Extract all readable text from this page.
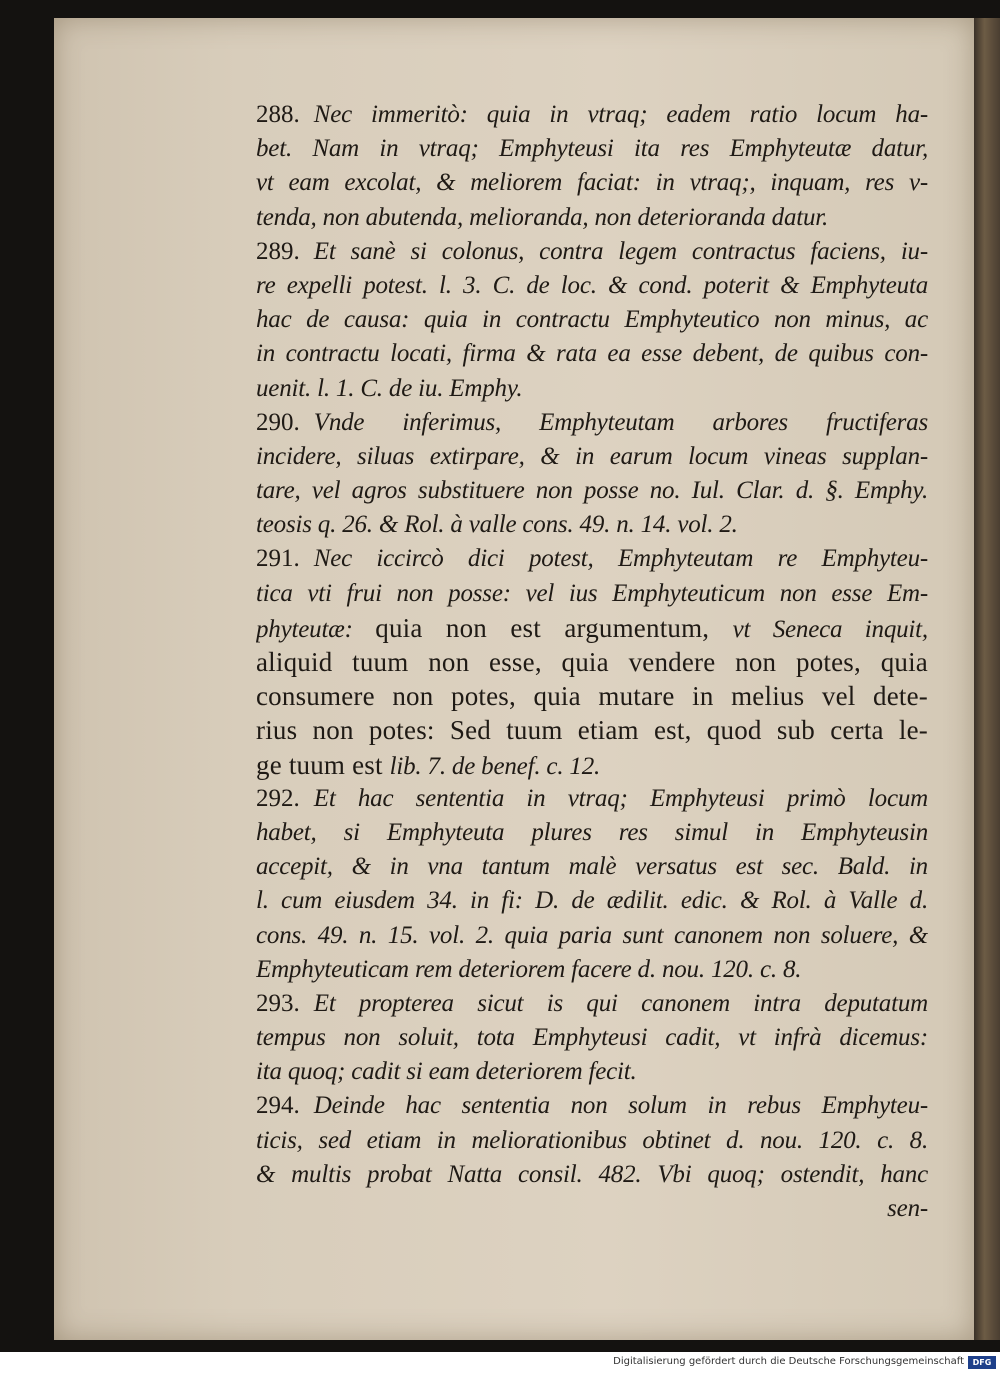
288. Nec immeritò: quia in vtraq; eadem ratio locum ha-
bet. Nam in vtraq; Emphyteusi ita res Emphyteutæ datur,
vt eam excolat, & meliorem faciat: in vtraq;, inquam, res v-
tenda, non abutenda, melioranda, non deterioranda datur.
289. Et sanè si colonus, contra legem contractus faciens, iu-
re expelli potest. l. 3. C. de loc. & cond. poterit & Emphyteuta
hac de causa: quia in contractu Emphyteutico non minus, ac
in contractu locati, firma & rata ea esse debent, de quibus con-
uenit. l. 1. C. de iu. Emphy.
290. Vnde inferimus, Emphyteutam arbores fructiferas
incidere, siluas extirpare, & in earum locum vineas supplan-
tare, vel agros substituere non posse no. Iul. Clar. d. §. Emphy.
teosis q. 26. & Rol. à valle cons. 49. n. 14. vol. 2.
291. Nec iccircò dici potest, Emphyteutam re Emphyteu-
tica vti frui non posse: vel ius Emphyteuticum non esse Em-
phyteutæ: quia non est argumentum, vt Seneca inquit,
aliquid tuum non esse, quia vendere non potes, quia
consumere non potes, quia mutare in melius vel dete-
rius non potes: Sed tuum etiam est, quod sub certa le-
ge tuum est lib. 7. de benef. c. 12.
292. Et hac sententia in vtraq; Emphyteusi primò locum
habet, si Emphyteuta plures res simul in Emphyteusin
accepit, & in vna tantum malè versatus est sec. Bald. in
l. cum eiusdem 34. in fi: D. de ædilit. edic. & Rol. à Valle d.
cons. 49. n. 15. vol. 2. quia paria sunt canonem non soluere, &
Emphyteuticam rem deteriorem facere d. nou. 120. c. 8.
293. Et propterea sicut is qui canonem intra deputatum
tempus non soluit, tota Emphyteusi cadit, vt infrà dicemus:
ita quoq; cadit si eam deteriorem fecit.
294. Deinde hac sententia non solum in rebus Emphyteu-
ticis, sed etiam in meliorationibus obtinet d. nou. 120. c. 8.
& multis probat Natta consil. 482. Vbi quoq; ostendit, hanc
sen-
Digitalisierung gefördert durch die Deutsche Forschungsgemeinschaft	DFG
